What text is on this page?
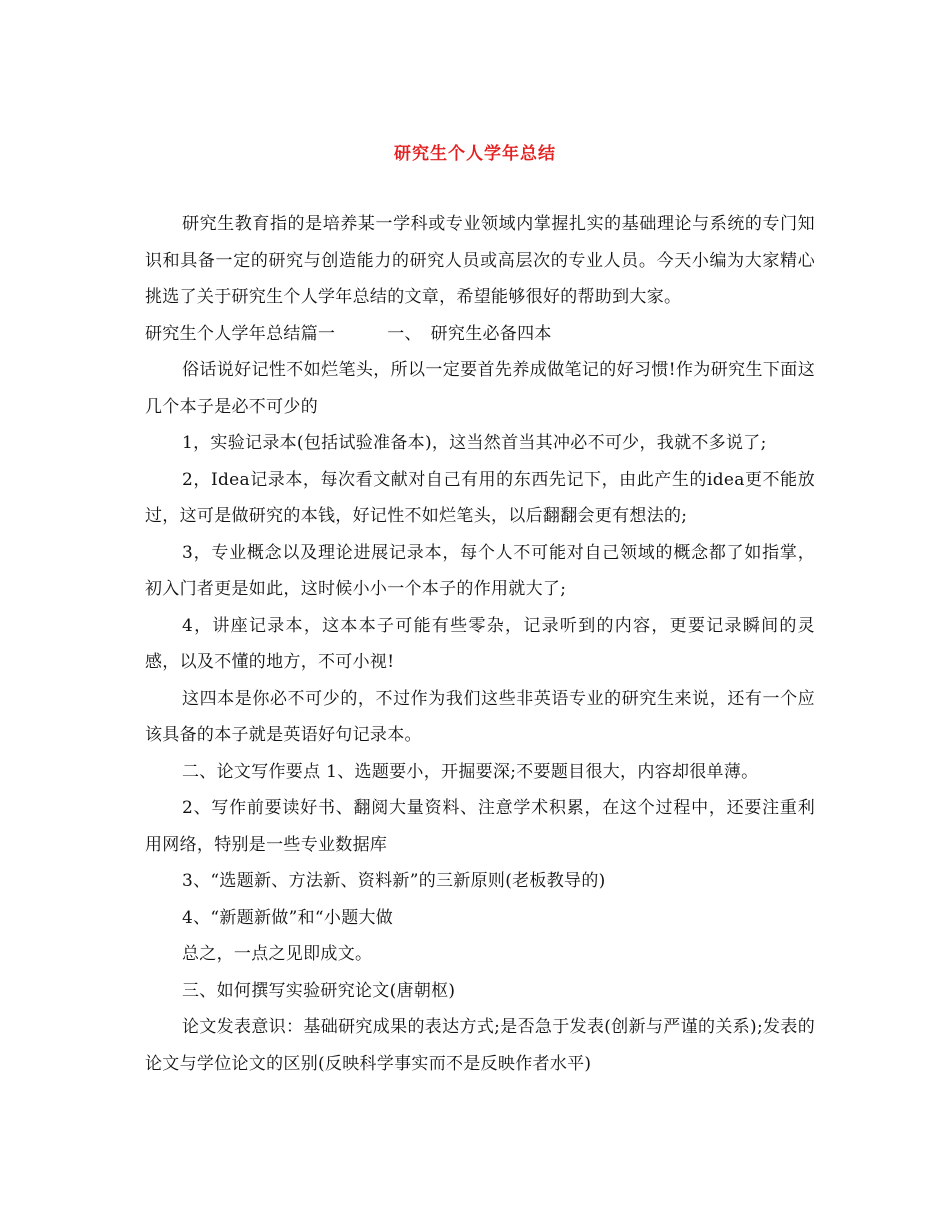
研究生个人学年总结

研究生教育指的是培养某一学科或专业领域内掌握扎实的基础理论与系统的专门知识和具备一定的研究与创造能力的研究人员或高层次的专业人员。今天小编为大家精心挑选了关于研究生个人学年总结的文章，希望能够很好的帮助到大家。

研究生个人学年总结篇一　　　一、　研究生必备四本

俗话说好记性不如烂笔头，所以一定要首先养成做笔记的好习惯!作为研究生下面这几个本子是必不可少的

1，实验记录本(包括试验准备本)，这当然首当其冲必不可少，我就不多说了;

2，Idea记录本，每次看文献对自己有用的东西先记下，由此产生的idea更不能放过，这可是做研究的本钱，好记性不如烂笔头，以后翻翻会更有想法的;

3，专业概念以及理论进展记录本，每个人不可能对自己领域的概念都了如指掌，初入门者更是如此，这时候小小一个本子的作用就大了;

4，讲座记录本，这本本子可能有些零杂，记录听到的内容，更要记录瞬间的灵感，以及不懂的地方，不可小视!

这四本是你必不可少的，不过作为我们这些非英语专业的研究生来说，还有一个应该具备的本子就是英语好句记录本。

二、论文写作要点 1、选题要小，开掘要深;不要题目很大，内容却很单薄。

2、写作前要读好书、翻阅大量资料、注意学术积累，在这个过程中，还要注重利用网络，特别是一些专业数据库

3、“选题新、方法新、资料新”的三新原则(老板教导的)

4、“新题新做”和“小题大做

总之，一点之见即成文。

三、如何撰写实验研究论文(唐朝枢)

论文发表意识：基础研究成果的表达方式;是否急于发表(创新与严谨的关系);发表的论文与学位论文的区别(反映科学事实而不是反映作者水平)
